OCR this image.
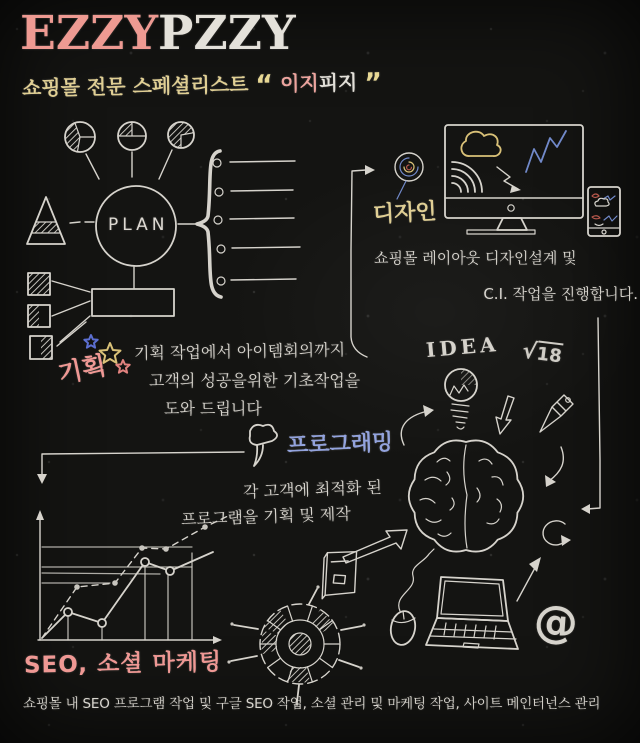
EZZYPZZY
쇼핑몰 전문 스페셜리스트 “ 이지피지 ”
PLAN	디자인
쇼핑몰 레이아웃 디자인설계 및
C.I. 작업을 진행합니다.
기획 기획 작업에서 아이템회의까지
고객의 성공을위한 기초작업을
도와 드립니다
프로그래밍
각 고객에 최적화 된
프로그램을 기획 및 제작
IDEA √18
@
SEO, 소셜 마케팅
쇼핑몰 내 SEO 프로그램 작업 및 구글 SEO 작업, 소셜 관리 및 마케팅 작업, 사이트 메인터넌스 관리
